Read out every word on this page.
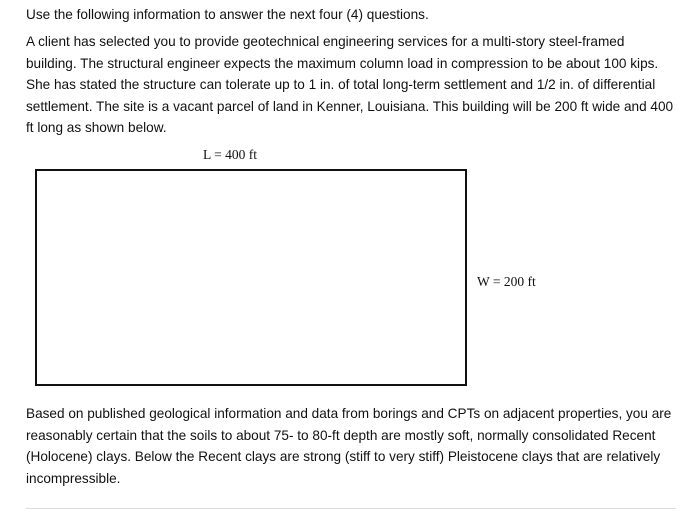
Use the following information to answer the next four (4) questions.

A client has selected you to provide geotechnical engineering services for a multi-story steel-framed building. The structural engineer expects the maximum column load in compression to be about 100 kips. She has stated the structure can tolerate up to 1 in. of total long-term settlement and 1/2 in. of differential settlement. The site is a vacant parcel of land in Kenner, Louisiana. This building will be 200 ft wide and 400 ft long as shown below.

L = 400 ft
W = 200 ft

Based on published geological information and data from borings and CPTs on adjacent properties, you are reasonably certain that the soils to about 75- to 80-ft depth are mostly soft, normally consolidated Recent (Holocene) clays. Below the Recent clays are strong (stiff to very stiff) Pleistocene clays that are relatively incompressible.
